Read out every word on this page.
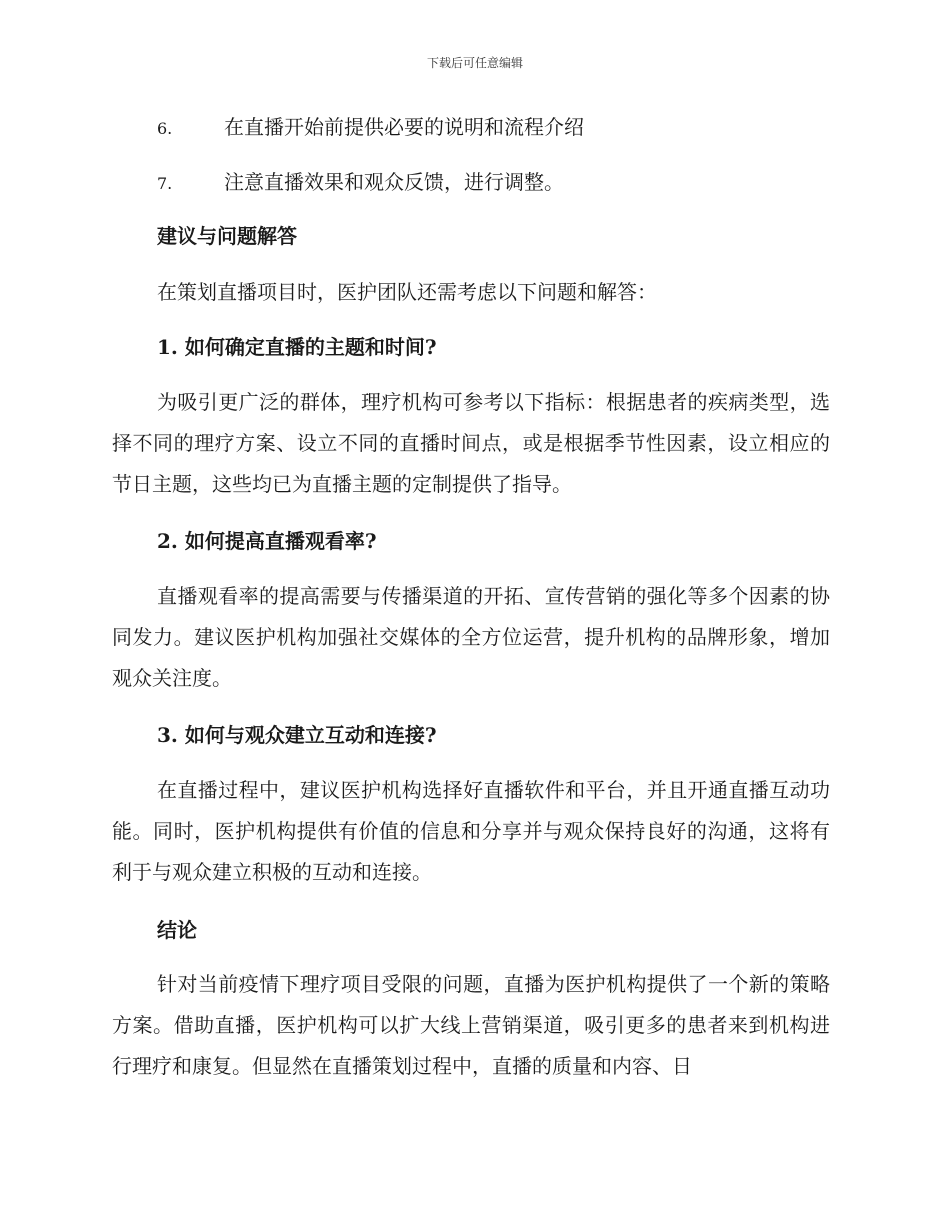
下载后可任意编辑
6.	在直播开始前提供必要的说明和流程介绍
7.	注意直播效果和观众反馈，进行调整。
建议与问题解答
在策划直播项目时，医护团队还需考虑以下问题和解答：
1. 如何确定直播的主题和时间?
为吸引更广泛的群体，理疗机构可参考以下指标：根据患者的疾病类型，选择不同的理疗方案、设立不同的直播时间点，或是根据季节性因素，设立相应的节日主题，这些均已为直播主题的定制提供了指导。
2. 如何提高直播观看率?
直播观看率的提高需要与传播渠道的开拓、宣传营销的强化等多个因素的协同发力。建议医护机构加强社交媒体的全方位运营，提升机构的品牌形象，增加观众关注度。
3. 如何与观众建立互动和连接?
在直播过程中，建议医护机构选择好直播软件和平台，并且开通直播互动功能。同时，医护机构提供有价值的信息和分享并与观众保持良好的沟通，这将有利于与观众建立积极的互动和连接。
结论
针对当前疫情下理疗项目受限的问题，直播为医护机构提供了一个新的策略方案。借助直播，医护机构可以扩大线上营销渠道，吸引更多的患者来到机构进行理疗和康复。但显然在直播策划过程中，直播的质量和内容、日
